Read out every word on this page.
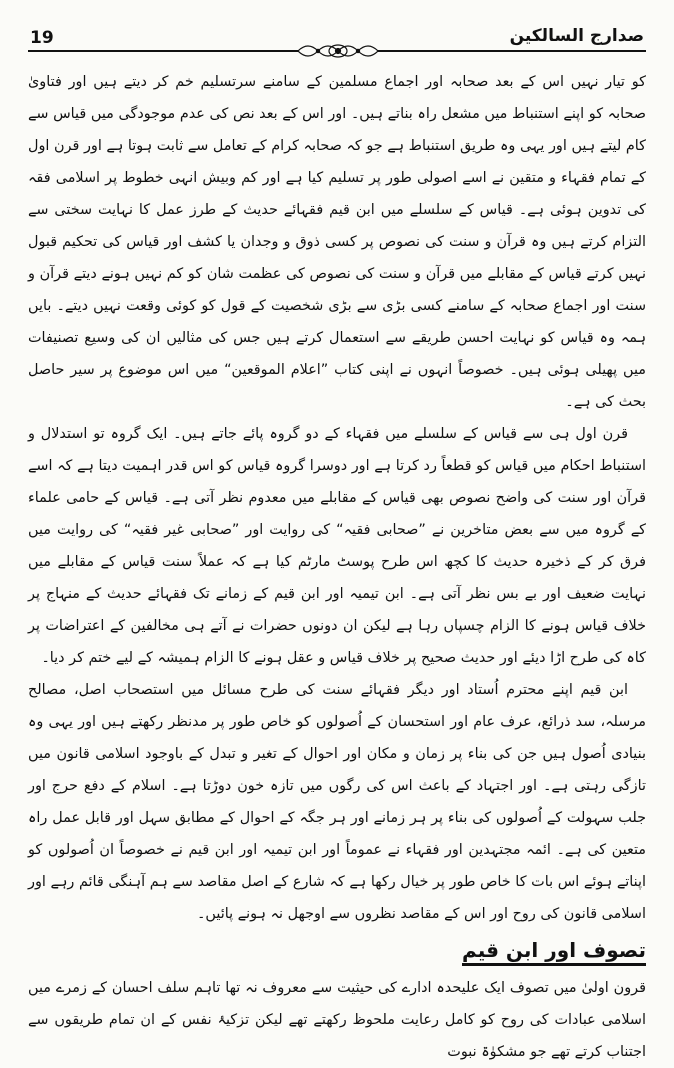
19	صدارج السالکین

کو تیار نہیں اس کے بعد صحابہ اور اجماع مسلمین کے سامنے سرتسلیم خم کر دیتے ہیں اور فتاویٰ صحابہ کو اپنے استنباط میں مشعل راہ بناتے ہیں۔ اور اس کے بعد نص کی عدم موجودگی میں قیاس سے کام لیتے ہیں اور یہی وہ طریق استنباط ہے جو کہ صحابہ کرام کے تعامل سے ثابت ہوتا ہے اور قرن اول کے تمام فقہاء و متقین نے اسے اصولی طور پر تسلیم کیا ہے اور کم وبیش انہی خطوط پر اسلامی فقہ کی تدوین ہوئی ہے۔ قیاس کے سلسلے میں ابن قیم فقہائے حدیث کے طرز عمل کا نہایت سختی سے التزام کرتے ہیں وہ قرآن و سنت کی نصوص پر کسی ذوق و وجدان یا کشف اور قیاس کی تحکیم قبول نہیں کرتے قیاس کے مقابلے میں قرآن و سنت کی نصوص کی عظمت شان کو کم نہیں ہونے دیتے قرآن و سنت اور اجماع صحابہ کے سامنے کسی بڑی سے بڑی شخصیت کے قول کو کوئی وقعت نہیں دیتے۔ بایں ہمہ وہ قیاس کو نہایت احسن طریقے سے استعمال کرتے ہیں جس کی مثالیں ان کی وسیع تصنیفات میں پھیلی ہوئی ہیں۔ خصوصاً انہوں نے اپنی کتاب ”اعلام الموقعین“ میں اس موضوع پر سیر حاصل بحث کی ہے۔

قرن اول ہی سے قیاس کے سلسلے میں فقہاء کے دو گروہ پائے جاتے ہیں۔ ایک گروہ تو استدلال و استنباط احکام میں قیاس کو قطعاً رد کرتا ہے اور دوسرا گروہ قیاس کو اس قدر اہمیت دیتا ہے کہ اسے قرآن اور سنت کی واضح نصوص بھی قیاس کے مقابلے میں معدوم نظر آتی ہے۔ قیاس کے حامی علماء کے گروہ میں سے بعض متاخرین نے ”صحابی فقیہ“ کی روایت اور ”صحابی غیر فقیہ“ کی روایت میں فرق کر کے ذخیرہ حدیث کا کچھ اس طرح پوسٹ مارٹم کیا ہے کہ عملاً سنت قیاس کے مقابلے میں نہایت ضعیف اور بے بس نظر آتی ہے۔ ابن تیمیہ اور ابن قیم کے زمانے تک فقہائے حدیث کے منہاج پر خلاف قیاس ہونے کا الزام چسپاں رہا ہے لیکن ان دونوں حضرات نے آتے ہی مخالفین کے اعتراضات پر کاہ کی طرح اڑا دیئے اور حدیث صحیح پر خلاف قیاس و عقل ہونے کا الزام ہمیشہ کے لیے ختم کر دیا۔

ابن قیم اپنے محترم اُستاد اور دیگر فقہائے سنت کی طرح مسائل میں استصحاب اصل، مصالح مرسلہ، سد ذرائع، عرف عام اور استحسان کے اُصولوں کو خاص طور پر مدنظر رکھتے ہیں اور یہی وہ بنیادی اُصول ہیں جن کی بناء پر زمان و مکان اور احوال کے تغیر و تبدل کے باوجود اسلامی قانون میں تازگی رہتی ہے۔ اور اجتہاد کے باعث اس کی رگوں میں تازہ خون دوڑتا ہے۔ اسلام کے دفع حرج اور جلب سہولت کے اُصولوں کی بناء پر ہر زمانے اور ہر جگہ کے احوال کے مطابق سہل اور قابل عمل راہ متعین کی ہے۔ ائمہ مجتہدین اور فقہاء نے عموماً اور ابن تیمیہ اور ابن قیم نے خصوصاً ان اُصولوں کو اپناتے ہوئے اس بات کا خاص طور پر خیال رکھا ہے کہ شارع کے اصل مقاصد سے ہم آہنگی قائم رہے اور اسلامی قانون کی روح اور اس کے مقاصد نظروں سے اوجھل نہ ہونے پائیں۔

تصوف اور ابن قیم

قرون اولیٰ میں تصوف ایک علیحدہ ادارے کی حیثیت سے معروف نہ تھا تاہم سلف احسان کے زمرے میں اسلامی عبادات کی روح کو کامل رعایت ملحوظ رکھتے تھے لیکن تزکیۂ نفس کے ان تمام طریقوں سے اجتناب کرتے تھے جو مشکوٰۃ نبوت
